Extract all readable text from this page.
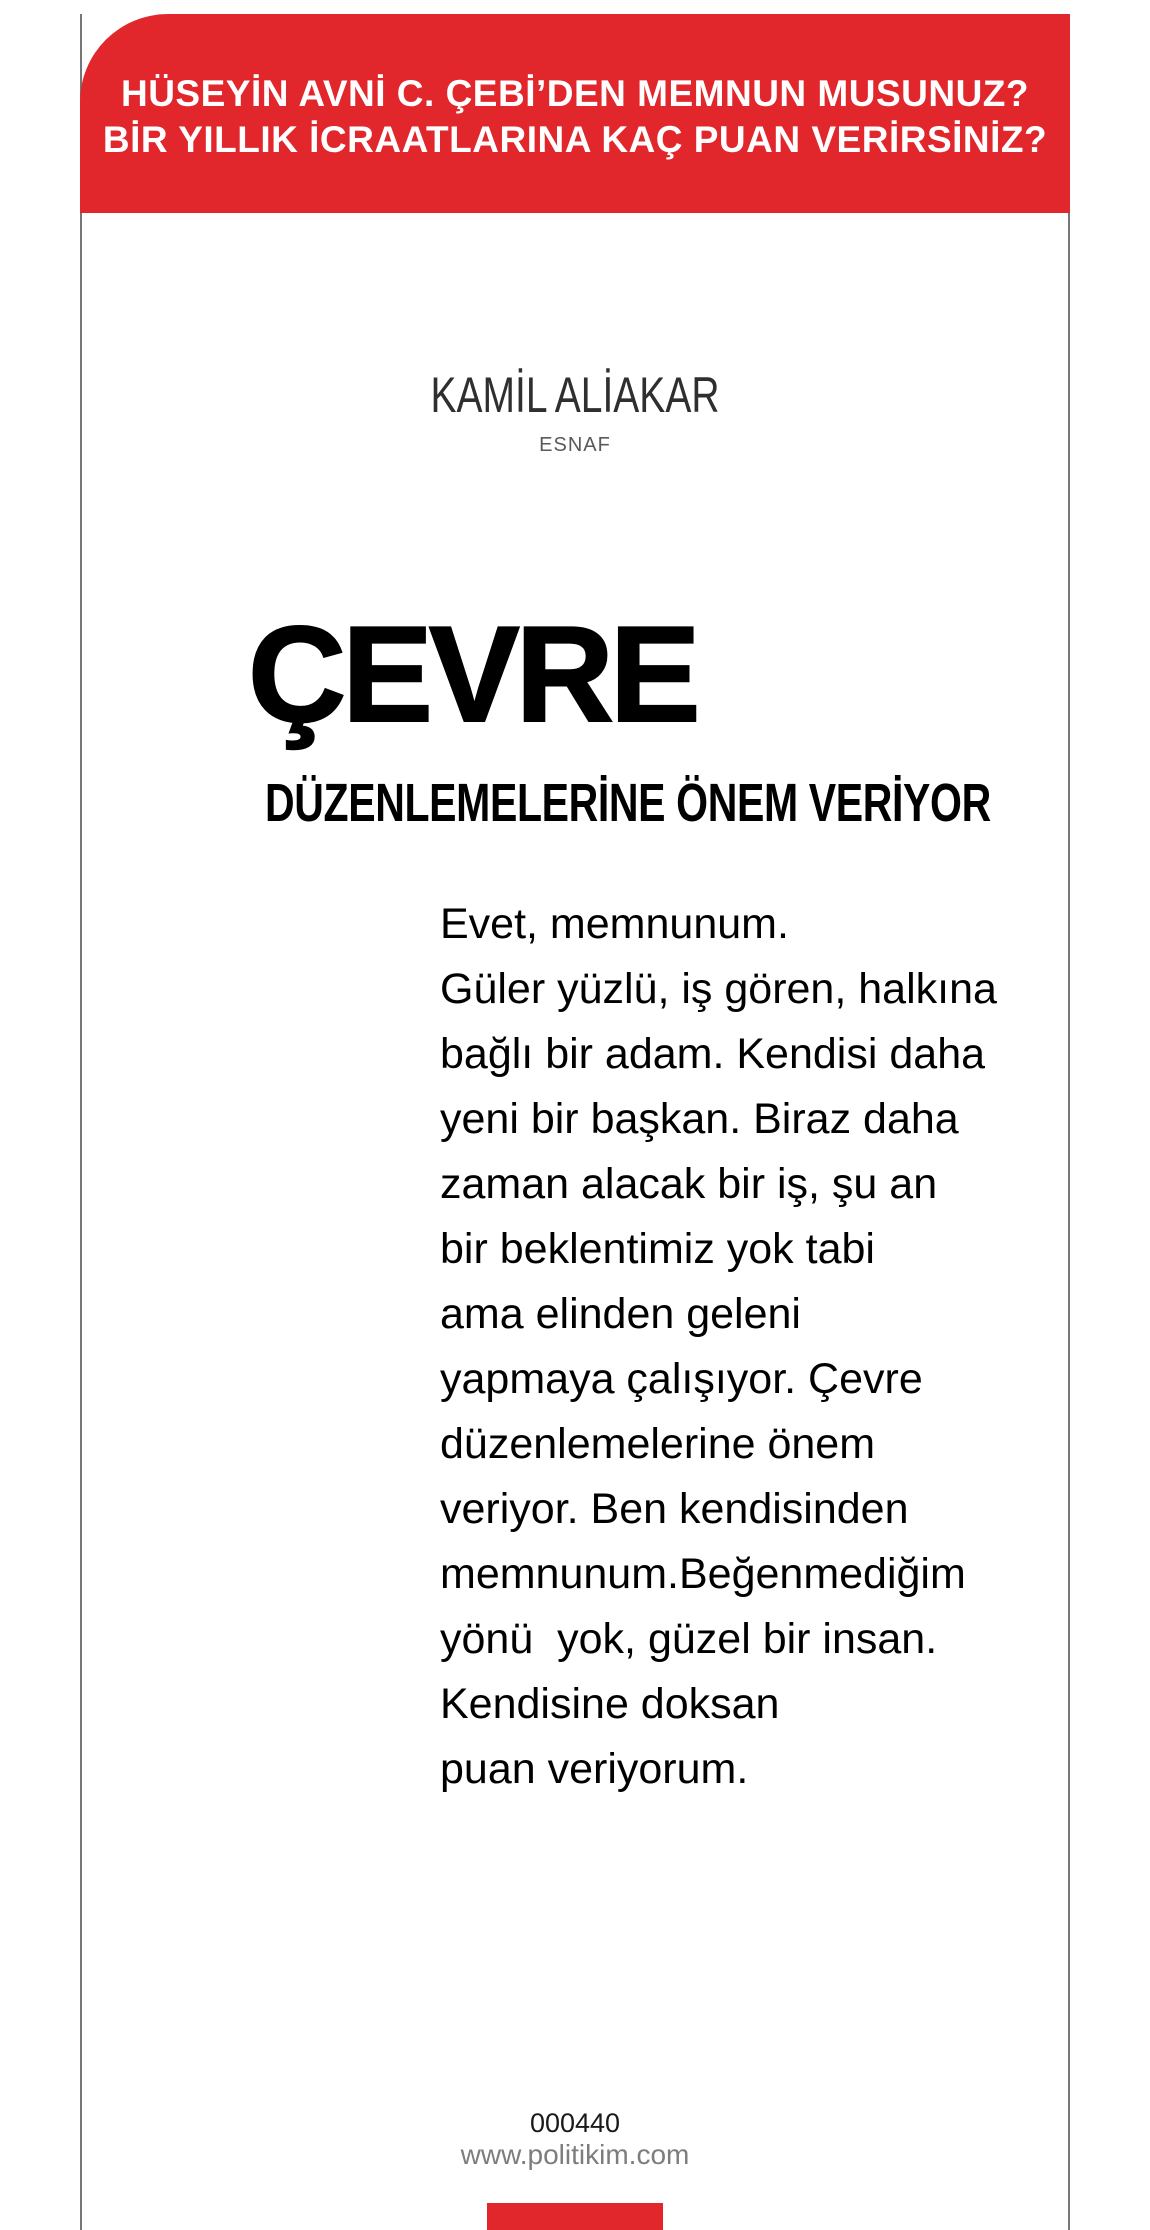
HÜSEYİN AVNİ C. ÇEBİ’DEN MEMNUN MUSUNUZ?
BİR YILLIK İCRAATLARINA KAÇ PUAN VERİRSİNİZ?
KAMİL ALİAKAR
ESNAF
ÇEVRE
DÜZENLEMELERİNE ÖNEM VERİYOR
Evet, memnunum.
Güler yüzlü, iş gören, halkına
bağlı bir adam. Kendisi daha
yeni bir başkan. Biraz daha
zaman alacak bir iş, şu an
bir beklentimiz yok tabi
ama elinden geleni
yapmaya çalışıyor. Çevre
düzenlemelerine önem
veriyor. Ben kendisinden
memnunum.Beğenmediğim
yönü  yok, güzel bir insan.
Kendisine doksan
puan veriyorum.
000440
www.politikim.com
